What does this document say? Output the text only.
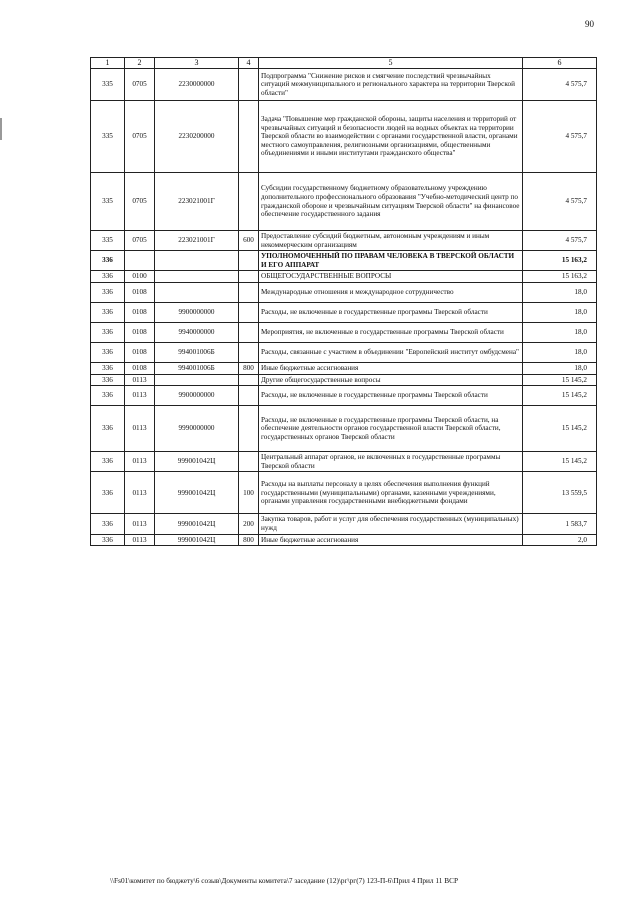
90
1	2	3	4	5	6
335	0705	2230000000		Подпрограмма "Снижение рисков и смягчение последствий чрезвычайных ситуаций межмуниципального и регионального характера на территории Тверской области"	4 575,7
335	0705	2230200000		Задача "Повышение мер гражданской обороны, защиты населения и территорий от чрезвычайных ситуаций и безопасности людей на водных объектах на территории Тверской области во взаимодействии с органами государственной власти, органами местного самоуправления, религиозными организациями, общественными объединениями и иными институтами гражданского общества"	4 575,7
335	0705	223021001Г		Субсидии государственному бюджетному образовательному учреждению дополнительного профессионального образования "Учебно-методический центр по гражданской обороне и чрезвычайным ситуациям Тверской области" на финансовое обеспечение государственного задания	4 575,7
335	0705	223021001Г	600	Предоставление субсидий бюджетным, автономным учреждениям и иным некоммерческим организациям	4 575,7
336				УПОЛНОМОЧЕННЫЙ ПО ПРАВАМ ЧЕЛОВЕКА В ТВЕРСКОЙ ОБЛАСТИ И ЕГО АППАРАТ	15 163,2
336	0100			ОБЩЕГОСУДАРСТВЕННЫЕ ВОПРОСЫ	15 163,2
336	0108			Международные отношения и международное сотрудничество	18,0
336	0108	9900000000		Расходы, не включенные в государственные программы Тверской области	18,0
336	0108	9940000000		Мероприятия, не включенные в государственные программы Тверской области	18,0
336	0108	994001006Б		Расходы, связанные с участием в объединении "Европейский институт омбудсмена"	18,0
336	0108	994001006Б	800	Иные бюджетные ассигнования	18,0
336	0113			Другие общегосударственные вопросы	15 145,2
336	0113	9900000000		Расходы, не включенные в государственные программы Тверской области	15 145,2
336	0113	9990000000		Расходы, не включенные в государственные программы Тверской области, на обеспечение деятельности органов государственной власти Тверской области, государственных органов Тверской области	15 145,2
336	0113	999001042Ц		Центральный аппарат органов, не включенных в государственные программы Тверской области	15 145,2
336	0113	999001042Ц	100	Расходы на выплаты персоналу в целях обеспечения выполнения функций государственными (муниципальными) органами, казенными учреждениями, органами управления государственными внебюджетными фондами	13 559,5
336	0113	999001042Ц	200	Закупка товаров, работ и услуг для обеспечения государственных (муниципальных) нужд	1 583,7
336	0113	999001042Ц	800	Иные бюджетные ассигнования	2,0
\\Fs01\комитет по бюджету\6 созыв\Документы комитета\7 заседание (12)\рг\рг(7) 123-П-6\Прил 4 Прил 11 ВСР
